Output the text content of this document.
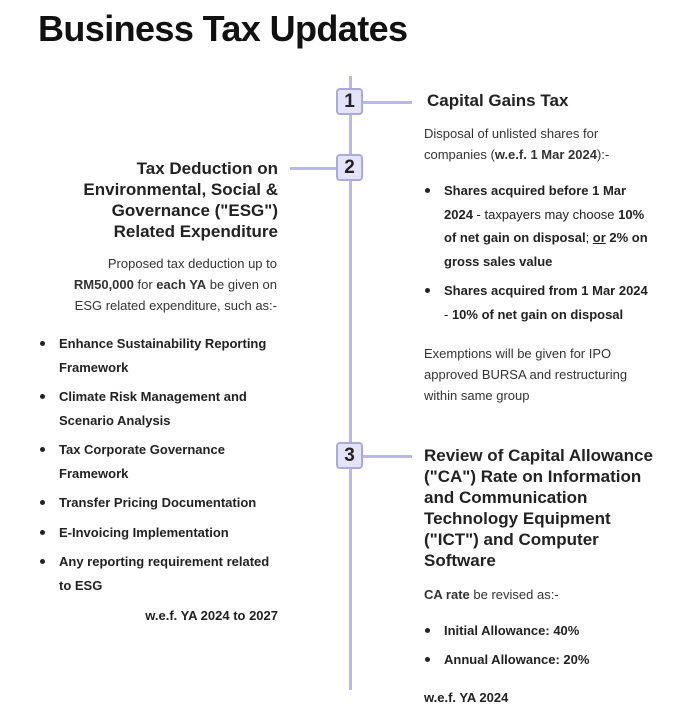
Business Tax Updates
1
2
3
Capital Gains Tax

Disposal of unlisted shares for companies (w.e.f. 1 Mar 2024):-

Shares acquired before 1 Mar 2024 - taxpayers may choose 10% of net gain on disposal; or 2% on gross sales value
Shares acquired from 1 Mar 2024 - 10% of net gain on disposal

Exemptions will be given for IPO approved BURSA and restructuring within same group

Tax Deduction on Environmental, Social & Governance ("ESG") Related Expenditure

Proposed tax deduction up to RM50,000 for each YA be given on ESG related expenditure, such as:-

Enhance Sustainability Reporting Framework
Climate Risk Management and Scenario Analysis
Tax Corporate Governance Framework
Transfer Pricing Documentation
E-Invoicing Implementation
Any reporting requirement related to ESG
w.e.f. YA 2024 to 2027
Review of Capital Allowance ("CA") Rate on Information and Communication Technology Equipment ("ICT") and Computer Software

CA rate be revised as:-

Initial Allowance: 40%
Annual Allowance: 20%
w.e.f. YA 2024
